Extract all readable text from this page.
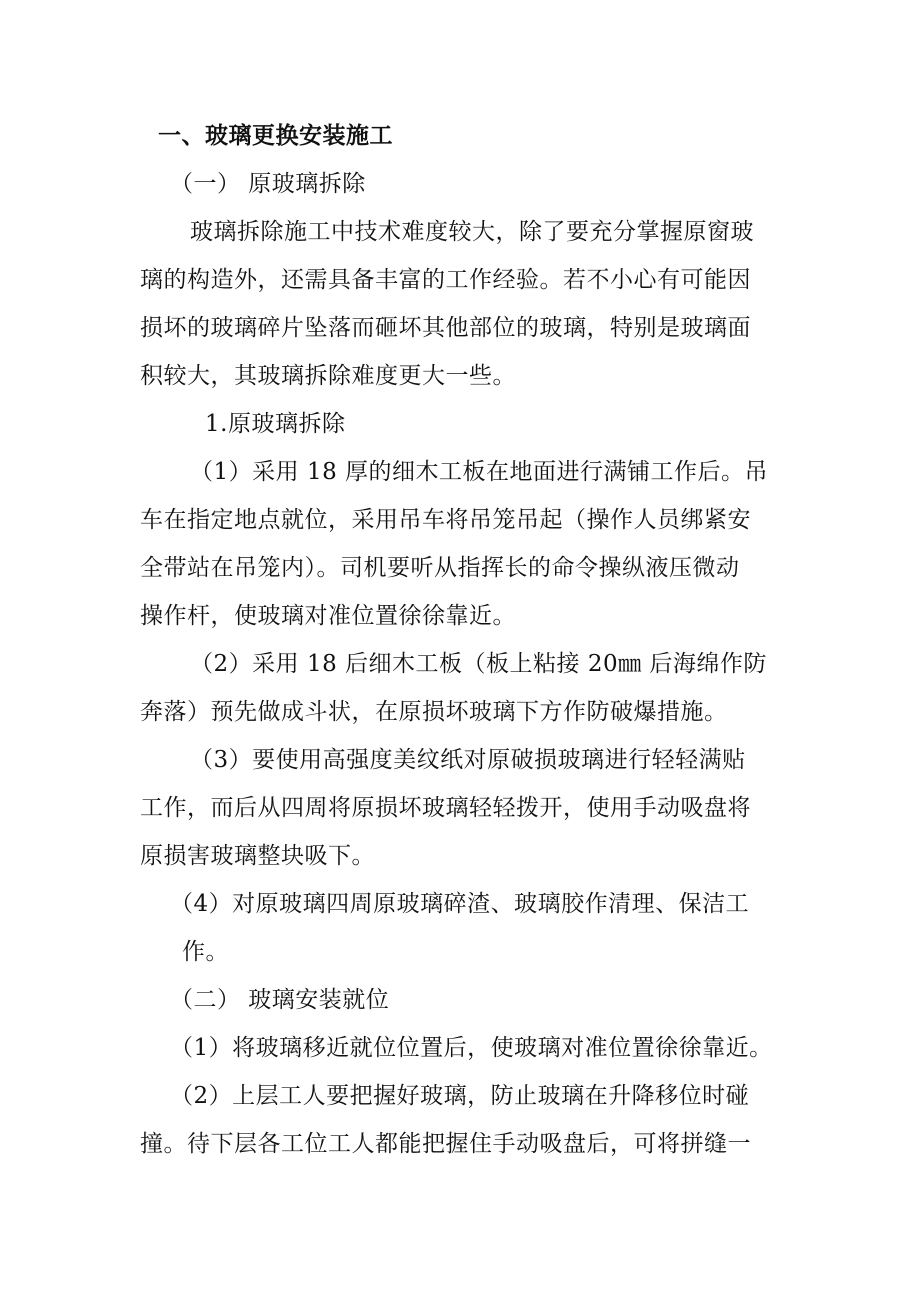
一、玻璃更换安装施工
（一） 原玻璃拆除
玻璃拆除施工中技术难度较大，除了要充分掌握原窗玻
璃的构造外，还需具备丰富的工作经验。若不小心有可能因
损坏的玻璃碎片坠落而砸坏其他部位的玻璃，特别是玻璃面
积较大，其玻璃拆除难度更大一些。
1.原玻璃拆除
（1）采用 18 厚的细木工板在地面进行满铺工作后。吊
车在指定地点就位，采用吊车将吊笼吊起（操作人员绑紧安
全带站在吊笼内）。司机要听从指挥长的命令操纵液压微动
操作杆，使玻璃对准位置徐徐靠近。
（2）采用 18 后细木工板（板上粘接 20㎜ 后海绵作防
奔落）预先做成斗状，在原损坏玻璃下方作防破爆措施。
（3）要使用高强度美纹纸对原破损玻璃进行轻轻满贴
工作，而后从四周将原损坏玻璃轻轻拨开，使用手动吸盘将
原损害玻璃整块吸下。
（4）对原玻璃四周原玻璃碎渣、玻璃胶作清理、保洁工
作。
（二） 玻璃安装就位
（1）将玻璃移近就位位置后，使玻璃对准位置徐徐靠近。
（2）上层工人要把握好玻璃，防止玻璃在升降移位时碰
撞。待下层各工位工人都能把握住手动吸盘后，可将拼缝一
